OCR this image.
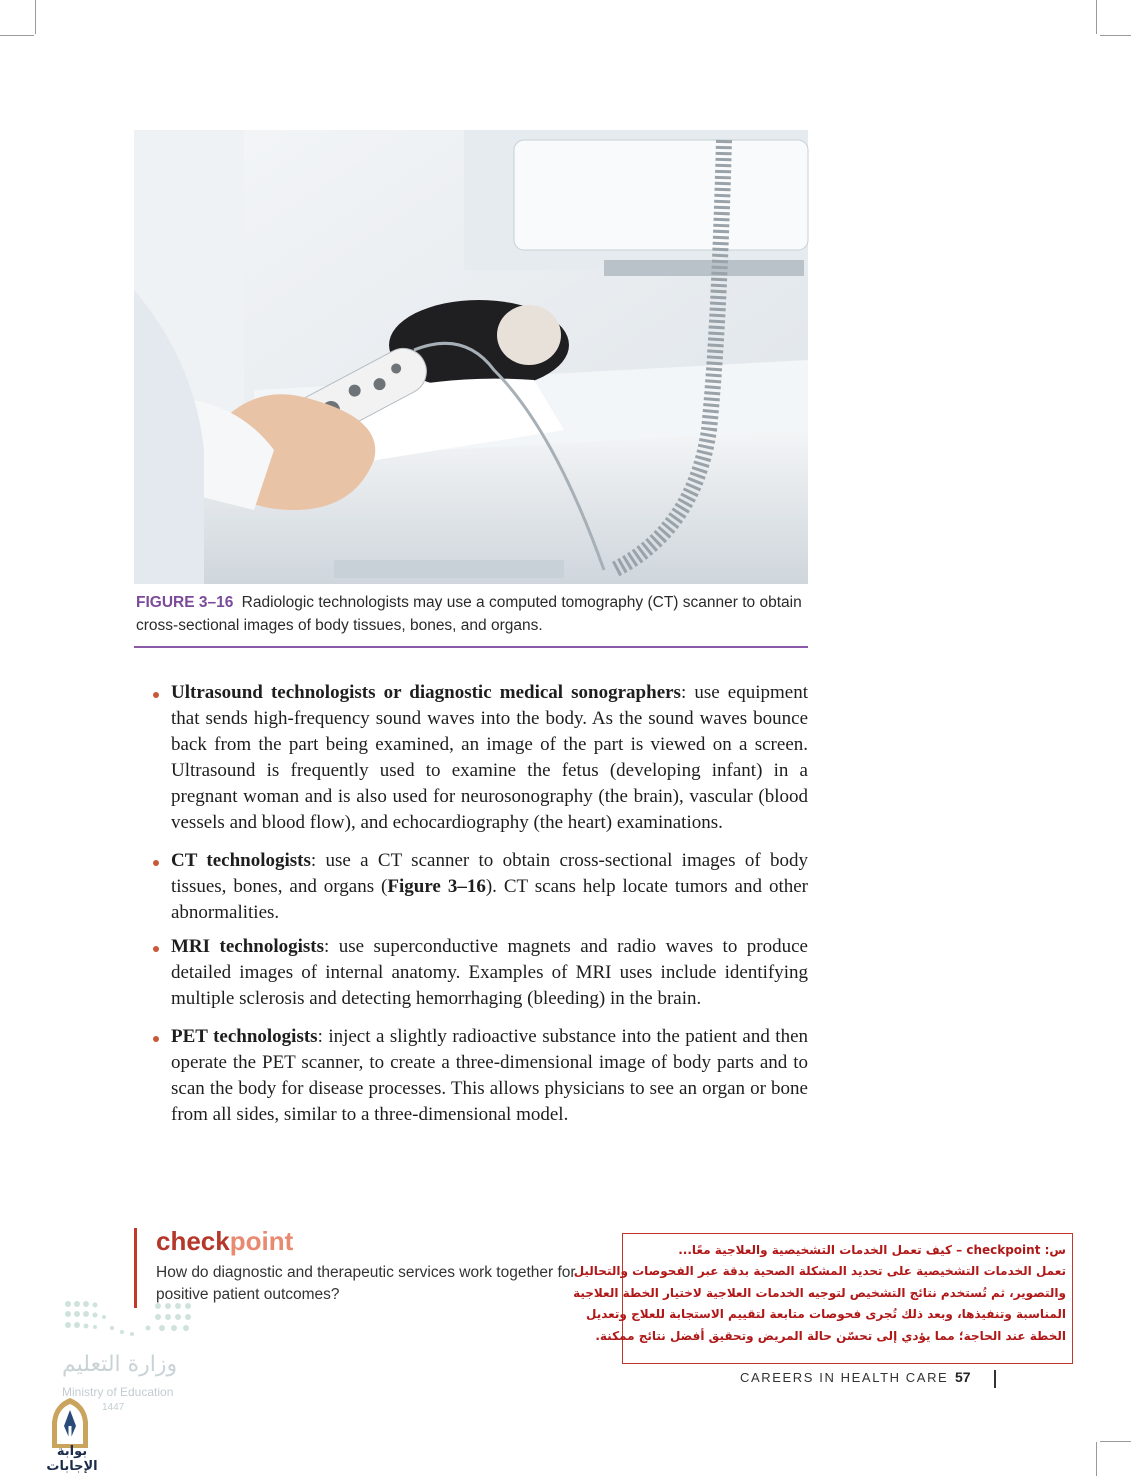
FIGURE 3–16 Radiologic technologists may use a computed tomography (CT) scanner to obtain cross-sectional images of body tissues, bones, and organs.
Ultrasound technologists or diagnostic medical sonographers: use equipment that sends high-frequency sound waves into the body. As the sound waves bounce back from the part being examined, an image of the part is viewed on a screen. Ultrasound is frequently used to examine the fetus (developing infant) in a pregnant woman and is also used for neurosonography (the brain), vascular (blood vessels and blood flow), and echocardiography (the heart) examinations.
CT technologists: use a CT scanner to obtain cross-sectional images of body tissues, bones, and organs (Figure 3–16). CT scans help locate tumors and other abnormalities.
MRI technologists: use superconductive magnets and radio waves to produce detailed images of internal anatomy. Examples of MRI uses include identifying multiple sclerosis and detecting hemorrhaging (bleeding) in the brain.
PET technologists: inject a slightly radioactive substance into the patient and then operate the PET scanner, to create a three-dimensional image of body parts and to scan the body for disease processes. This allows physicians to see an organ or bone from all sides, similar to a three-dimensional model.
checkpoint
How do diagnostic and therapeutic services work together for positive patient outcomes?
س: checkpoint – كيف تعمل الخدمات التشخيصية والعلاجية معًا...
تعمل الخدمات التشخيصية على تحديد المشكلة الصحية بدقة عبر الفحوصات والتحاليل
والتصوير، ثم تُستخدم نتائج التشخيص لتوجيه الخدمات العلاجية لاختيار الخطة العلاجية
المناسبة وتنفيذها، وبعد ذلك تُجرى فحوصات متابعة لتقييم الاستجابة للعلاج وتعديل
الخطة عند الحاجة؛ مما يؤدي إلى تحسّن حالة المريض وتحقيق أفضل نتائج ممكنة.
CAREERS IN HEALTH CARE 57
وزارة التعليم
Ministry of Education
1447
بوابة الإجابات
